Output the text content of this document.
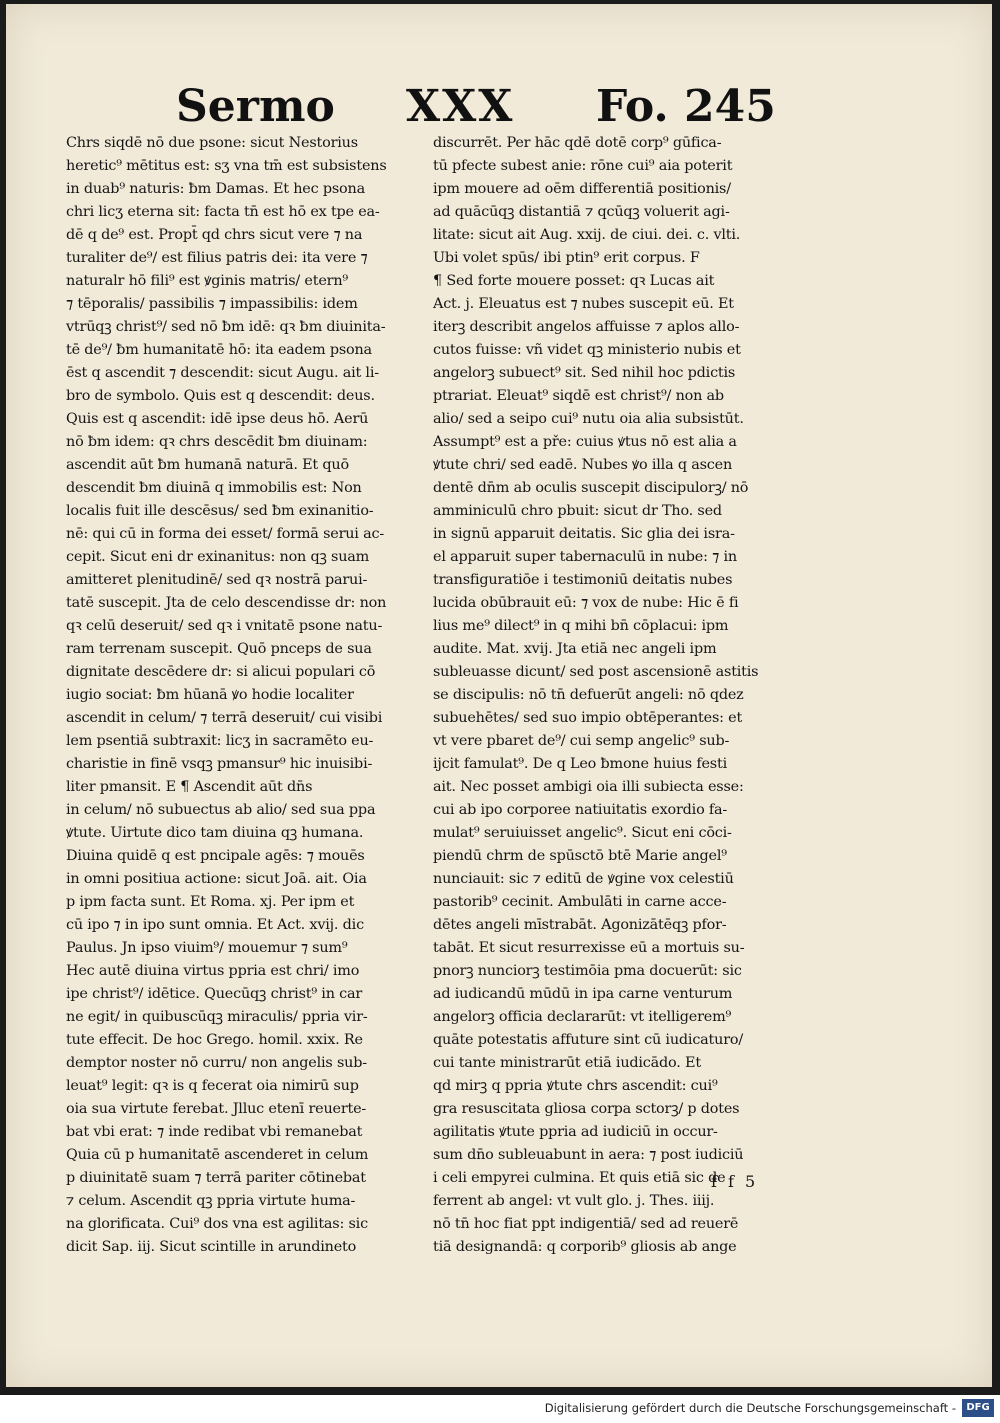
Sermo XXX Fo. 245
Chrs siqdē nō due psone: sicut Nestorius
heretic⁹ mētitus est: sʒ vna tm̄ est subsistens
in duab⁹ naturis: ƀm Damas. Et hec psona
chri licʒ eterna sit: facta tn̄ est hō ex tpe ea-
dē q de⁹ est. Propt̄ qd chrs sicut vere ⁊ na
turaliter de⁹/ est filius patris dei: ita vere ⁊
naturalr hō fili⁹ est ꝟginis matris/ etern⁹
⁊ tēporalis/ passibilis ⁊ impassibilis: idem
vtrūqꝫ christ⁹/ sed nō ƀm idē: qꝛ ƀm diuinita-
tē de⁹/ ƀm humanitatē hō: ita eadem psona
ēst q ascendit ⁊ descendit: sicut Augu. ait li-
bro de symbolo. Quis est q descendit: deus.
Quis est q ascendit: idē ipse deus hō. Aerū
nō ƀm idem: qꝛ chrs descēdit ƀm diuinam:
ascendit aūt ƀm humanā naturā. Et quō
descendit ƀm diuinā q immobilis est: Non
localis fuit ille descēsus/ sed ƀm exinanitio-
nē: qui cū in forma dei esset/ formā serui ac-
cepit. Sicut eni dr exinanitus: non qꝫ suam
amitteret plenitudinē/ sed qꝛ nostrā parui-
tatē suscepit. Jta de celo descendisse dr: non
qꝛ celū deseruit/ sed qꝛ i vnitatē psone natu-
ram terrenam suscepit. Quō pnceps de sua
dignitate descēdere dr: si alicui populari cō
iugio sociat: ƀm hūanā ꝟo hodie localiter
ascendit in celum/ ⁊ terrā deseruit/ cui visibi
lem psentiā subtraxit: licʒ in sacramēto eu-
charistie in finē vsqꝫ pmansur⁹ hic inuisibi-
liter pmansit. E ¶ Ascendit aūt dn̄s
in celum/ nō subuectus ab alio/ sed sua ppa
ꝟtute. Uirtute dico tam diuina qꝫ humana.
Diuina quidē q est pncipale agēs: ⁊ mouēs
in omni positiua actione: sicut Joā. ait. Oia
p ipm facta sunt. Et Roma. xj. Per ipm et
cū ipo ⁊ in ipo sunt omnia. Et Act. xvij. dic
Paulus. Jn ipso viuim⁹/ mouemur ⁊ sum⁹
Hec autē diuina virtus ppria est chri/ imo
ipe christ⁹/ idētice. Quecūqꝫ christ⁹ in car
ne egit/ in quibuscūqꝫ miraculis/ ppria vir-
tute effecit. De hoc Grego. homil. xxix. Re
demptor noster nō curru/ non angelis sub-
leuat⁹ legit: qꝛ is q fecerat oia nimirū sup
oia sua virtute ferebat. Jlluc etenī reuerte-
bat vbi erat: ⁊ inde redibat vbi remanebat
Quia cū p humanitatē ascenderet in celum
p diuinitatē suam ⁊ terrā pariter cōtinebat
⁊ celum. Ascendit qꝫ ppria virtute huma-
na glorificata. Cui⁹ dos vna est agilitas: sic
dicit Sap. iij. Sicut scintille in arundineto
discurrēt. Per hāc qdē dotē corp⁹ gūfica-
tū pfecte subest anie: rōne cui⁹ aia poterit
ipm mouere ad oēm differentiā positionis/
ad quācūqꝫ distantiā ⁊ qcūqꝫ voluerit agi-
litate: sicut ait Aug. xxij. de ciui. dei. c. vlti.
Ubi volet spūs/ ibi ptin⁹ erit corpus. F
¶ Sed forte mouere posset: qꝛ Lucas ait
Act. j. Eleuatus est ⁊ nubes suscepit eū. Et
iterꝫ describit angelos affuisse ⁊ aplos allo-
cutos fuisse: vñ videt qꝫ ministerio nubis et
angelorꝫ subuect⁹ sit. Sed nihil hoc pdictis
ptrariat. Eleuat⁹ siqdē est christ⁹/ non ab
alio/ sed a seipo cui⁹ nutu oia alia subsistūt.
Assumpt⁹ est a pře: cuius ꝟtus nō est alia a
ꝟtute chri/ sed eadē. Nubes ꝟo illa q ascen
dentē dn̄m ab oculis suscepit discipulorꝫ/ nō
amminiculū chro pbuit: sicut dr Tho. sed
in signū apparuit deitatis. Sic glia dei isra-
el apparuit super tabernaculū in nube: ⁊ in
transfiguratiōe i testimoniū deitatis nubes
lucida obūbrauit eū: ⁊ vox de nube: Hic ē fi
lius me⁹ dilect⁹ in q mihi bn̄ cōplacui: ipm
audite. Mat. xvij. Jta etiā nec angeli ipm
subleuasse dicunt/ sed post ascensionē astitis
se discipulis: nō tn̄ defuerūt angeli: nō qdez
subuehētes/ sed suo impio obtēperantes: et
vt vere pbaret de⁹/ cui semp angelic⁹ sub-
ijcit famulat⁹. De q Leo ƀmone huius festi
ait. Nec posset ambigi oia illi subiecta esse:
cui ab ipo corporee natiuitatis exordio fa-
mulat⁹ seruiuisset angelic⁹. Sicut eni cōci-
piendū chrm de spūsctō btē Marie angel⁹
nunciauit: sic ⁊ editū de ꝟgine vox celestiū
pastorib⁹ cecinit. Ambulāti in carne acce-
dētes angeli mīstrabāt. Agonizātēqꝫ pfor-
tabāt. Et sicut resurrexisse eū a mortuis su-
pnorꝫ nunciorꝫ testimōia pma docuerūt: sic
ad iudicandū mūdū in ipa carne venturum
angelorꝫ officia declararūt: vt itelligerem⁹
quāte potestatis affuture sint cū iudicaturo/
cui tante ministrarūt etiā iudicādo. Et
qd mirꝫ q ppria ꝟtute chrs ascendit: cui⁹
gra resuscitata gliosa corpa sctorꝫ/ p dotes
agilitatis ꝟtute ppria ad iudiciū in occur-
sum dn̄o subleuabunt in aera: ⁊ post iudiciū
i celi empyrei culmina. Et quis etiā sic de
ferrent ab angel: vt vult glo. j. Thes. iiij.
nō tn̄ hoc fiat ppt indigentiā/ sed ad reuerē
tiā designandā: q corporib⁹ gliosis ab ange
f f 5
Digitalisierung gefördert durch die Deutsche Forschungsgemeinschaft -	DFG
